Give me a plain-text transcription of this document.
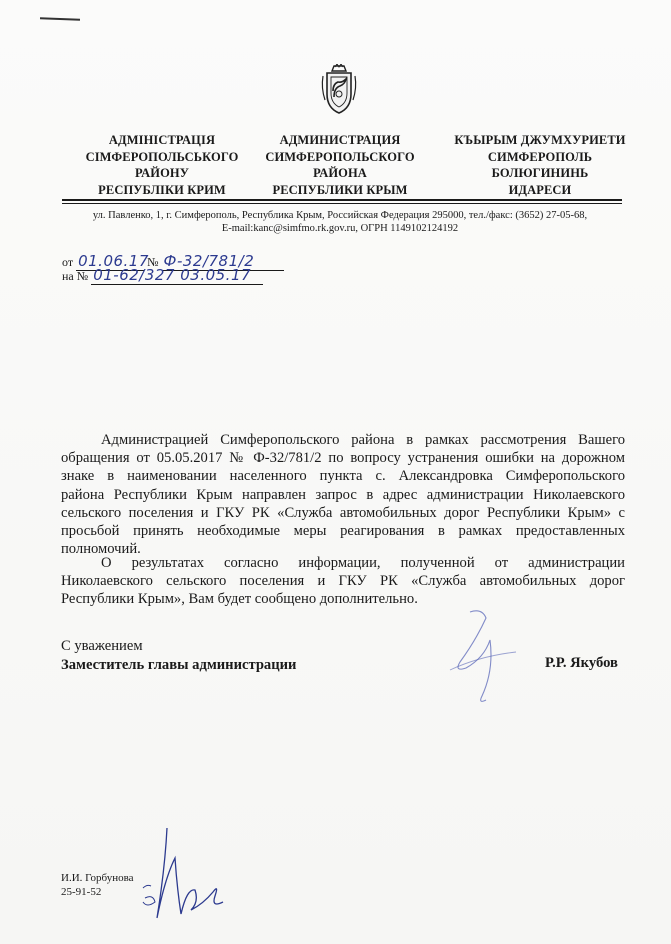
АДМІНІСТРАЦІЯ
СІМФЕРОПОЛЬСЬКОГО
РАЙОНУ
РЕСПУБЛІКИ КРИМ
АДМИНИСТРАЦИЯ
СИМФЕРОПОЛЬСКОГО
РАЙОНА
РЕСПУБЛИКИ КРЫМ
КЪЫРЫМ ДЖУМХУРИЕТИ
СИМФЕРОПОЛЬ
БОЛЮГИНИНЬ
ИДАРЕСИ
ул. Павленко, 1, г. Симферополь, Республика Крым, Российская Федерация 295000, тел./факс: (3652) 27-05-68,
E-mail:kanc@simfmo.rk.gov.ru, ОГРН 1149102124192
от 01.06.17 № Ф-32/781/2
на № 01-62/327 03.05.17
Администрацией Симферопольского района в рамках рассмотрения Вашего
обращения от 05.05.2017 № Ф-32/781/2 по вопросу устранения ошибки на дорожном
знаке в наименовании населенного пункта с. Александровка Симферопольского
района Республики Крым направлен запрос в адрес администрации Николаевского
сельского поселения и ГКУ РК «Служба автомобильных дорог Республики Крым» с
просьбой принять необходимые меры реагирования в рамках предоставленных
полномочий.
О результатах согласно информации, полученной от администрации
Николаевского сельского поселения и ГКУ РК «Служба автомобильных дорог
Республики Крым», Вам будет сообщено дополнительно.
С уважением
Заместитель главы администрации	Р.Р. Якубов
И.И. Горбунова
25-91-52
